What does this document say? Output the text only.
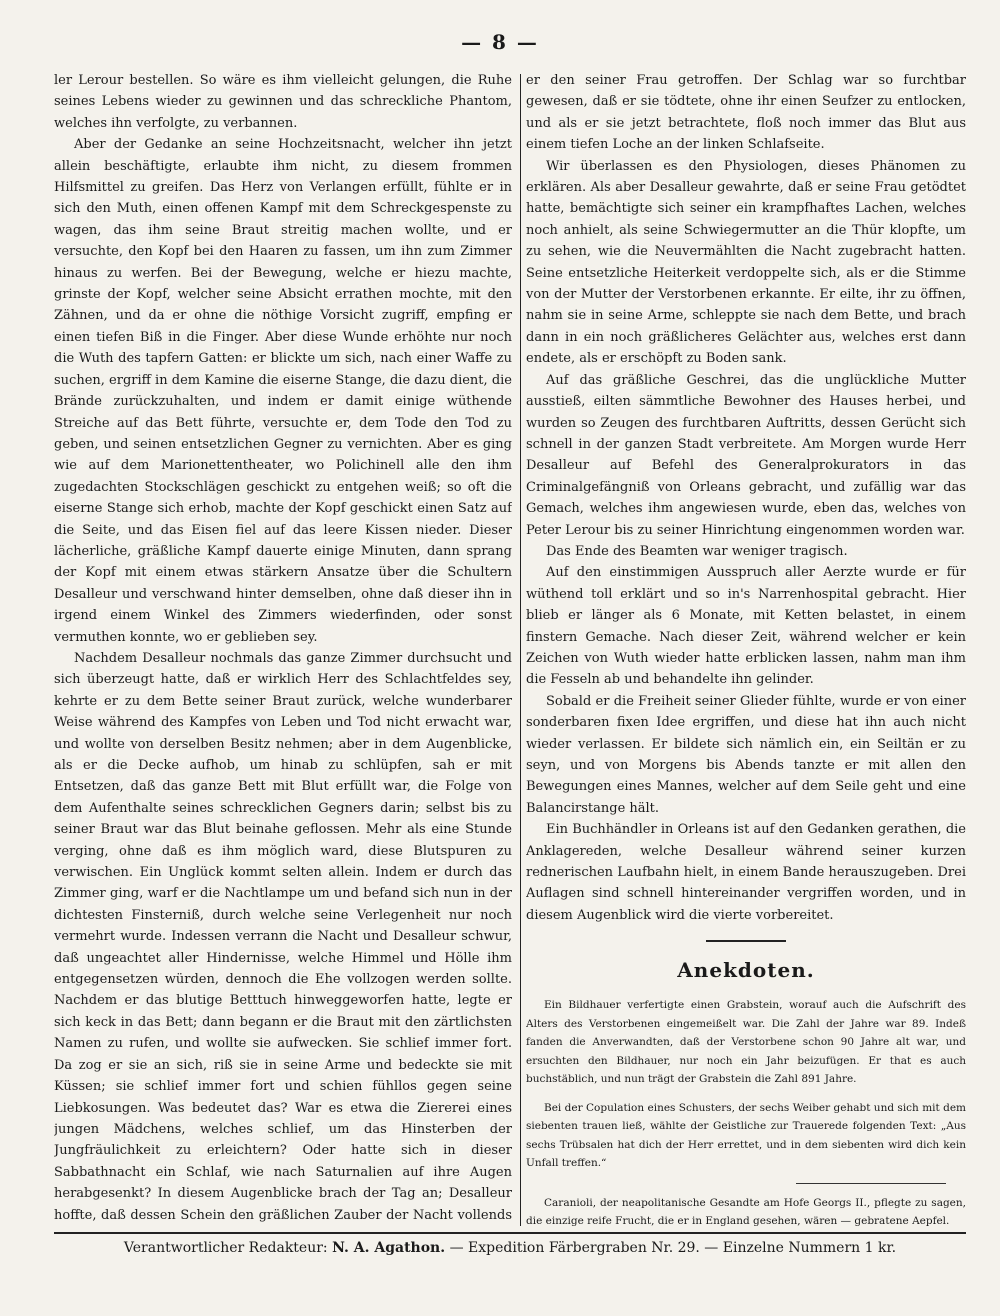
— 8 —

ler Lerour bestellen. So wäre es ihm vielleicht gelungen, die Ruhe seines Lebens wieder zu gewinnen und das schreckliche Phantom, welches ihn verfolgte, zu verbannen.

Aber der Gedanke an seine Hochzeitsnacht, welcher ihn jetzt allein beschäftigte, erlaubte ihm nicht, zu diesem frommen Hilfsmittel zu greifen. Das Herz von Verlangen erfüllt, fühlte er in sich den Muth, einen offenen Kampf mit dem Schreckgespenste zu wagen, das ihm seine Braut streitig machen wollte, und er versuchte, den Kopf bei den Haaren zu fassen, um ihn zum Zimmer hinaus zu werfen. Bei der Bewegung, welche er hiezu machte, grinste der Kopf, welcher seine Absicht errathen mochte, mit den Zähnen, und da er ohne die nöthige Vorsicht zugriff, empfing er einen tiefen Biß in die Finger. Aber diese Wunde erhöhte nur noch die Wuth des tapfern Gatten: er blickte um sich, nach einer Waffe zu suchen, ergriff in dem Kamine die eiserne Stange, die dazu dient, die Brände zurückzuhalten, und indem er damit einige wüthende Streiche auf das Bett führte, versuchte er, dem Tode den Tod zu geben, und seinen entsetzlichen Gegner zu vernichten. Aber es ging wie auf dem Marionettentheater, wo Polichinell alle den ihm zugedachten Stockschlägen geschickt zu entgehen weiß; so oft die eiserne Stange sich erhob, machte der Kopf geschickt einen Satz auf die Seite, und das Eisen fiel auf das leere Kissen nieder. Dieser lächerliche, gräßliche Kampf dauerte einige Minuten, dann sprang der Kopf mit einem etwas stärkern Ansatze über die Schultern Desalleur und verschwand hinter demselben, ohne daß dieser ihn in irgend einem Winkel des Zimmers wiederfinden, oder sonst vermuthen konnte, wo er geblieben sey.

Nachdem Desalleur nochmals das ganze Zimmer durchsucht und sich überzeugt hatte, daß er wirklich Herr des Schlachtfeldes sey, kehrte er zu dem Bette seiner Braut zurück, welche wunderbarer Weise während des Kampfes von Leben und Tod nicht erwacht war, und wollte von derselben Besitz nehmen; aber in dem Augenblicke, als er die Decke aufhob, um hinab zu schlüpfen, sah er mit Entsetzen, daß das ganze Bett mit Blut erfüllt war, die Folge von dem Aufenthalte seines schrecklichen Gegners darin; selbst bis zu seiner Braut war das Blut beinahe geflossen. Mehr als eine Stunde verging, ohne daß es ihm möglich ward, diese Blutspuren zu verwischen. Ein Unglück kommt selten allein. Indem er durch das Zimmer ging, warf er die Nachtlampe um und befand sich nun in der dichtesten Finsterniß, durch welche seine Verlegenheit nur noch vermehrt wurde. Indessen verrann die Nacht und Desalleur schwur, daß ungeachtet aller Hindernisse, welche Himmel und Hölle ihm entgegensetzen würden, dennoch die Ehe vollzogen werden sollte. Nachdem er das blutige Betttuch hinweggeworfen hatte, legte er sich keck in das Bett; dann begann er die Braut mit den zärtlichsten Namen zu rufen, und wollte sie aufwecken. Sie schlief immer fort. Da zog er sie an sich, riß sie in seine Arme und bedeckte sie mit Küssen; sie schlief immer fort und schien fühllos gegen seine Liebkosungen. Was bedeutet das? War es etwa die Ziererei eines jungen Mädchens, welches schlief, um das Hinsterben der Jungfräulichkeit zu erleichtern? Oder hatte sich in dieser Sabbathnacht ein Schlaf, wie nach Saturnalien auf ihre Augen herabgesenkt? In diesem Augenblicke brach der Tag an; Desalleur hoffte, daß dessen Schein den gräßlichen Zauber der Nacht vollends

er den seiner Frau getroffen. Der Schlag war so furchtbar gewesen, daß er sie tödtete, ohne ihr einen Seufzer zu entlocken, und als er sie jetzt betrachtete, floß noch immer das Blut aus einem tiefen Loche an der linken Schlafseite.

Wir überlassen es den Physiologen, dieses Phänomen zu erklären. Als aber Desalleur gewahrte, daß er seine Frau getödtet hatte, bemächtigte sich seiner ein krampfhaftes Lachen, welches noch anhielt, als seine Schwiegermutter an die Thür klopfte, um zu sehen, wie die Neuvermählten die Nacht zugebracht hatten. Seine entsetzliche Heiterkeit verdoppelte sich, als er die Stimme von der Mutter der Verstorbenen erkannte. Er eilte, ihr zu öffnen, nahm sie in seine Arme, schleppte sie nach dem Bette, und brach dann in ein noch gräßlicheres Gelächter aus, welches erst dann endete, als er erschöpft zu Boden sank.

Auf das gräßliche Geschrei, das die unglückliche Mutter ausstieß, eilten sämmtliche Bewohner des Hauses herbei, und wurden so Zeugen des furchtbaren Auftritts, dessen Gerücht sich schnell in der ganzen Stadt verbreitete. Am Morgen wurde Herr Desalleur auf Befehl des Generalprokurators in das Criminalgefängniß von Orleans gebracht, und zufällig war das Gemach, welches ihm angewiesen wurde, eben das, welches von Peter Lerour bis zu seiner Hinrichtung eingenommen worden war.

Das Ende des Beamten war weniger tragisch.

Auf den einstimmigen Ausspruch aller Aerzte wurde er für wüthend toll erklärt und so in's Narrenhospital gebracht. Hier blieb er länger als 6 Monate, mit Ketten belastet, in einem finstern Gemache. Nach dieser Zeit, während welcher er kein Zeichen von Wuth wieder hatte erblicken lassen, nahm man ihm die Fesseln ab und behandelte ihn gelinder.

Sobald er die Freiheit seiner Glieder fühlte, wurde er von einer sonderbaren fixen Idee ergriffen, und diese hat ihn auch nicht wieder verlassen. Er bildete sich nämlich ein, ein Seiltän er zu seyn, und von Morgens bis Abends tanzte er mit allen den Bewegungen eines Mannes, welcher auf dem Seile geht und eine Balancirstange hält.

Ein Buchhändler in Orleans ist auf den Gedanken gerathen, die Anklagereden, welche Desalleur während seiner kurzen rednerischen Laufbahn hielt, in einem Bande herauszugeben. Drei Auflagen sind schnell hintereinander vergriffen worden, und in diesem Augenblick wird die vierte vorbereitet.

Anekdoten.

Ein Bildhauer verfertigte einen Grabstein, worauf auch die Aufschrift des Alters des Verstorbenen eingemeißelt war. Die Zahl der Jahre war 89. Indeß fanden die Anverwandten, daß der Verstorbene schon 90 Jahre alt war, und ersuchten den Bildhauer, nur noch ein Jahr beizufügen. Er that es auch buchstäblich, und nun trägt der Grabstein die Zahl 891 Jahre.

Bei der Copulation eines Schusters, der sechs Weiber gehabt und sich mit dem siebenten trauen ließ, wählte der Geistliche zur Trauerede folgenden Text: „Aus sechs Trübsalen hat dich der Herr errettet, und in dem siebenten wird dich kein Unfall treffen.“

Caranioli, der neapolitanische Gesandte am Hofe Georgs II., pflegte zu sagen, die einzige reife Frucht, die er in England gesehen, wären — gebratene Aepfel.

Verantwortlicher Redakteur: N. A. Agathon. — Expedition Färbergraben Nr. 29. — Einzelne Nummern 1 kr.
